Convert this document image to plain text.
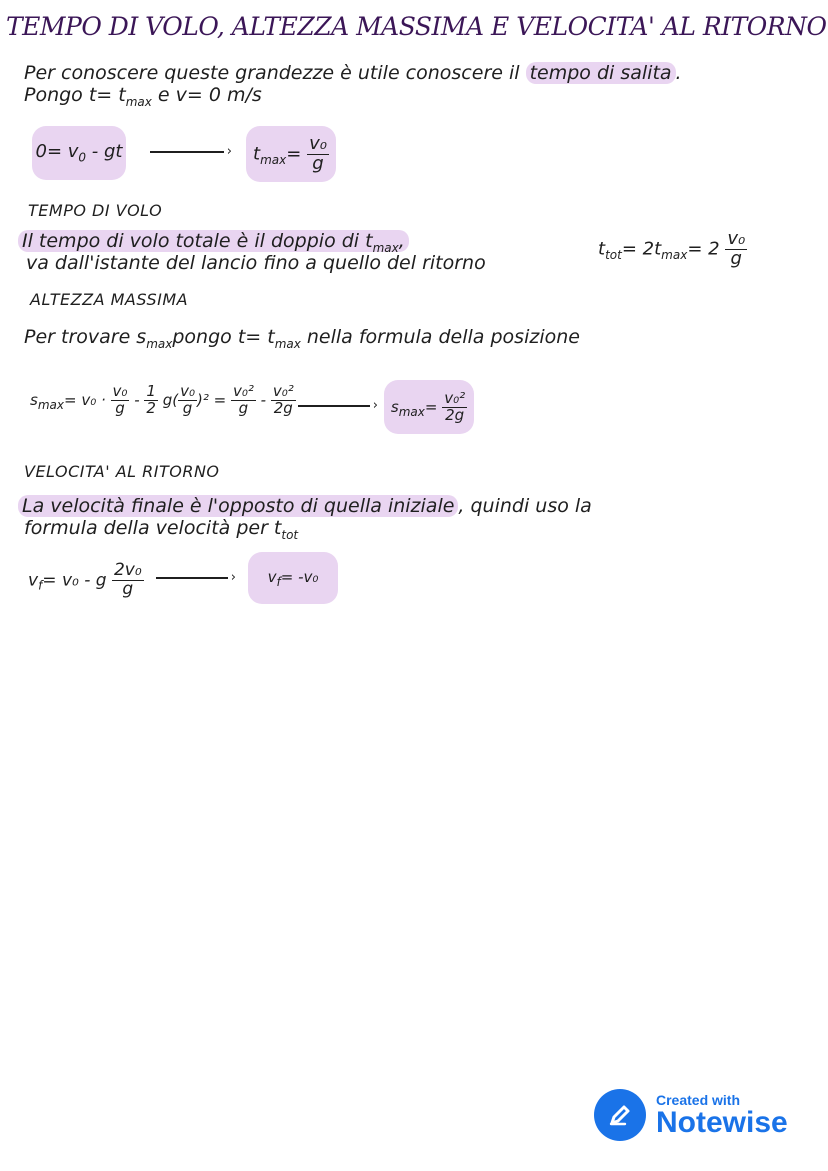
TEMPO DI VOLO, ALTEZZA MASSIMA E VELOCITA' AL RITORNO
Per conoscere queste grandezze è utile conoscere il tempo di salita .
Pongo $t= t_{max}$ e v= 0 m/s
$0= v_0$ - gt	› $t_{max}= \frac{\text{v₀}}{g}$
TEMPO DI VOLO
Il tempo di volo totale è il doppio di $t_{max}$,
va dall'istante del lancio fino a quello del ritorno
$t_{tot}= 2t_{max}= 2 \frac{\text{v₀}}{g}$
ALTEZZA MASSIMA
Per trovare $s_{max}pongo$ $t= t_{max}$ nella formula della posizione
$s_{max}= v_0 \cdot \frac{\text{v₀}}{g} - \frac{1}{2} g( \frac{\text{v₀}}{g} )^2 = \frac{\text{v₀²}}{g} - \frac{\text{v₀²}}{2g}$	› $s_{max}= \frac{\text{v₀²}}{2g}$
VELOCITA' AL RITORNO
La velocità finale è l'opposto di quella iniziale , quindi uso la
formula della velocità per $t_{tot}$
$v_f= v_0 - g \frac{\text{2v₀}}{g}$	› $v_f= -v_0$
Created with
Notewise
